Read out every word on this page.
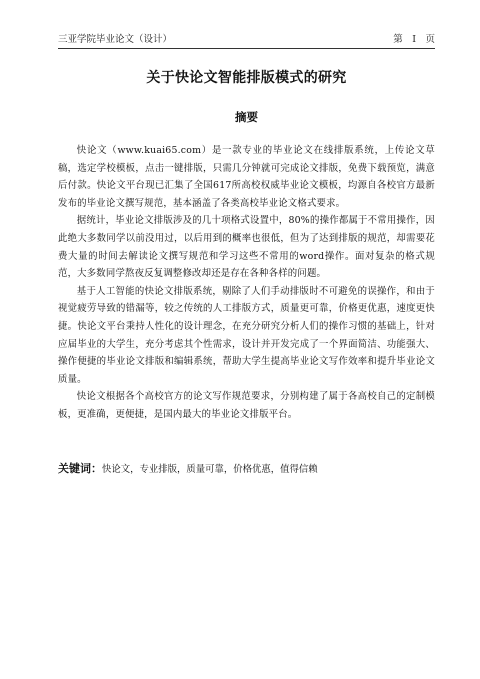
三亚学院毕业论文（设计）	第　I　页
关于快论文智能排版模式的研究
摘要

快论文（www.kuai65.com）是一款专业的毕业论文在线排版系统，上传论文草稿，选定学校模板，点击一键排版，只需几分钟就可完成论文排版，免费下载预览，满意后付款。快论文平台现已汇集了全国617所高校权威毕业论文模板，均源自各校官方最新发布的毕业论文撰写规范，基本涵盖了各类高校毕业论文格式要求。

据统计，毕业论文排版涉及的几十项格式设置中，80%的操作都属于不常用操作，因此绝大多数同学以前没用过，以后用到的概率也很低，但为了达到排版的规范，却需要花费大量的时间去解读论文撰写规范和学习这些不常用的word操作。面对复杂的格式规范，大多数同学熬夜反复调整修改却还是存在各种各样的问题。

基于人工智能的快论文排版系统，剔除了人们手动排版时不可避免的误操作，和由于视觉疲劳导致的错漏等，较之传统的人工排版方式，质量更可靠，价格更优惠，速度更快捷。快论文平台秉持人性化的设计理念，在充分研究分析人们的操作习惯的基础上，针对应届毕业的大学生，充分考虑其个性需求，设计并开发完成了一个界面简洁、功能强大、操作便捷的毕业论文排版和编辑系统，帮助大学生提高毕业论文写作效率和提升毕业论文质量。

快论文根据各个高校官方的论文写作规范要求，分别构建了属于各高校自己的定制模板，更准确，更便捷，是国内最大的毕业论文排版平台。

关键词：快论文，专业排版，质量可靠，价格优惠，值得信赖
